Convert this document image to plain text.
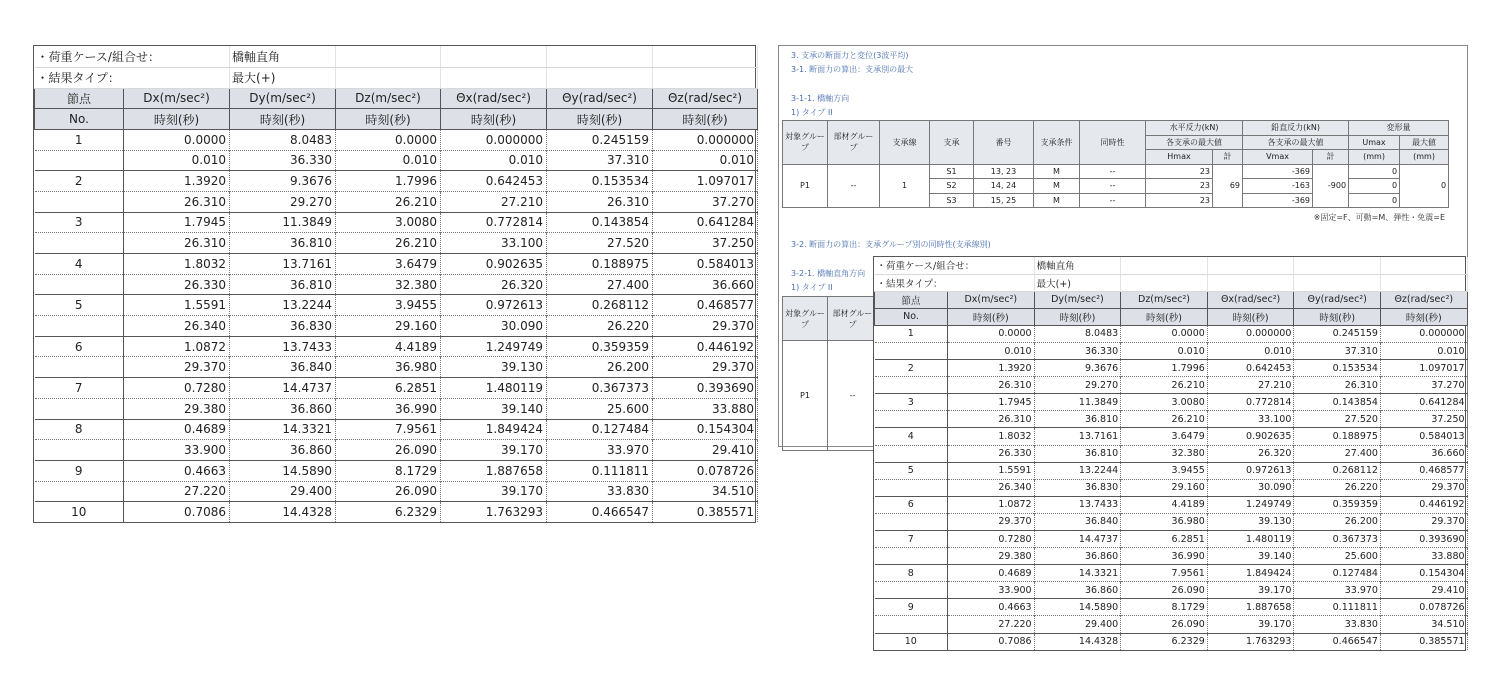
・荷重ケース/組合せ：		橋軸直角				
・結果タイプ：		最大(+)				
節点	Dx(m/sec²)	Dy(m/sec²)	Dz(m/sec²)	Θx(rad/sec²)	Θy(rad/sec²)	Θz(rad/sec²)
No.	時刻(秒)	時刻(秒)	時刻(秒)	時刻(秒)	時刻(秒)	時刻(秒)
1	0.0000	8.0483	0.0000	0.000000	0.245159	0.000000
	0.010	36.330	0.010	0.010	37.310	0.010
2	1.3920	9.3676	1.7996	0.642453	0.153534	1.097017
	26.310	29.270	26.210	27.210	26.310	37.270
3	1.7945	11.3849	3.0080	0.772814	0.143854	0.641284
	26.310	36.810	26.210	33.100	27.520	37.250
4	1.8032	13.7161	3.6479	0.902635	0.188975	0.584013
	26.330	36.810	32.380	26.320	27.400	36.660
5	1.5591	13.2244	3.9455	0.972613	0.268112	0.468577
	26.340	36.830	29.160	30.090	26.220	29.370
6	1.0872	13.7433	4.4189	1.249749	0.359359	0.446192
	29.370	36.840	36.980	39.130	26.200	29.370
7	0.7280	14.4737	6.2851	1.480119	0.367373	0.393690
	29.380	36.860	36.990	39.140	25.600	33.880
8	0.4689	14.3321	7.9561	1.849424	0.127484	0.154304
	33.900	36.860	26.090	39.170	33.970	29.410
9	0.4663	14.5890	8.1729	1.887658	0.111811	0.078726
	27.220	29.400	26.090	39.170	33.830	34.510
10	0.7086	14.4328	6.2329	1.763293	0.466547	0.385571
3. 支承の断面力と変位(3波平均)
3-1. 断面力の算出：支承別の最大
3-1-1. 橋軸方向
1) タイプ II
対象グループ	部材グループ	支承線	支承	番号	支承条件	同時性	水平反力(kN)		鉛直反力(kN)		変形量	
							各支承の最大値		各支承の最大値		Umax	最大値
							Hmax	計	Vmax	計	(mm)	(mm)
P1	--	1	S1	13, 23	M	--	23	69	-369	-900	0	0
			S2	14, 24	M	--	23		-163		0	
			S3	15, 25	M	--	23		-369		0	
※固定=F、可動=M、弾性・免震=E
3-2. 断面力の算出：支承グループ別の同時性(支承線別)
3-2-1. 橋軸直角方向
1) タイプ II
対象グループ	部材グループ
P1	--
・荷重ケース/組合せ：		橋軸直角				
・結果タイプ：		最大(+)				
節点	Dx(m/sec²)	Dy(m/sec²)	Dz(m/sec²)	Θx(rad/sec²)	Θy(rad/sec²)	Θz(rad/sec²)
No.	時刻(秒)	時刻(秒)	時刻(秒)	時刻(秒)	時刻(秒)	時刻(秒)
1	0.0000	8.0483	0.0000	0.000000	0.245159	0.000000
	0.010	36.330	0.010	0.010	37.310	0.010
2	1.3920	9.3676	1.7996	0.642453	0.153534	1.097017
	26.310	29.270	26.210	27.210	26.310	37.270
3	1.7945	11.3849	3.0080	0.772814	0.143854	0.641284
	26.310	36.810	26.210	33.100	27.520	37.250
4	1.8032	13.7161	3.6479	0.902635	0.188975	0.584013
	26.330	36.810	32.380	26.320	27.400	36.660
5	1.5591	13.2244	3.9455	0.972613	0.268112	0.468577
	26.340	36.830	29.160	30.090	26.220	29.370
6	1.0872	13.7433	4.4189	1.249749	0.359359	0.446192
	29.370	36.840	36.980	39.130	26.200	29.370
7	0.7280	14.4737	6.2851	1.480119	0.367373	0.393690
	29.380	36.860	36.990	39.140	25.600	33.880
8	0.4689	14.3321	7.9561	1.849424	0.127484	0.154304
	33.900	36.860	26.090	39.170	33.970	29.410
9	0.4663	14.5890	8.1729	1.887658	0.111811	0.078726
	27.220	29.400	26.090	39.170	33.830	34.510
10	0.7086	14.4328	6.2329	1.763293	0.466547	0.385571
